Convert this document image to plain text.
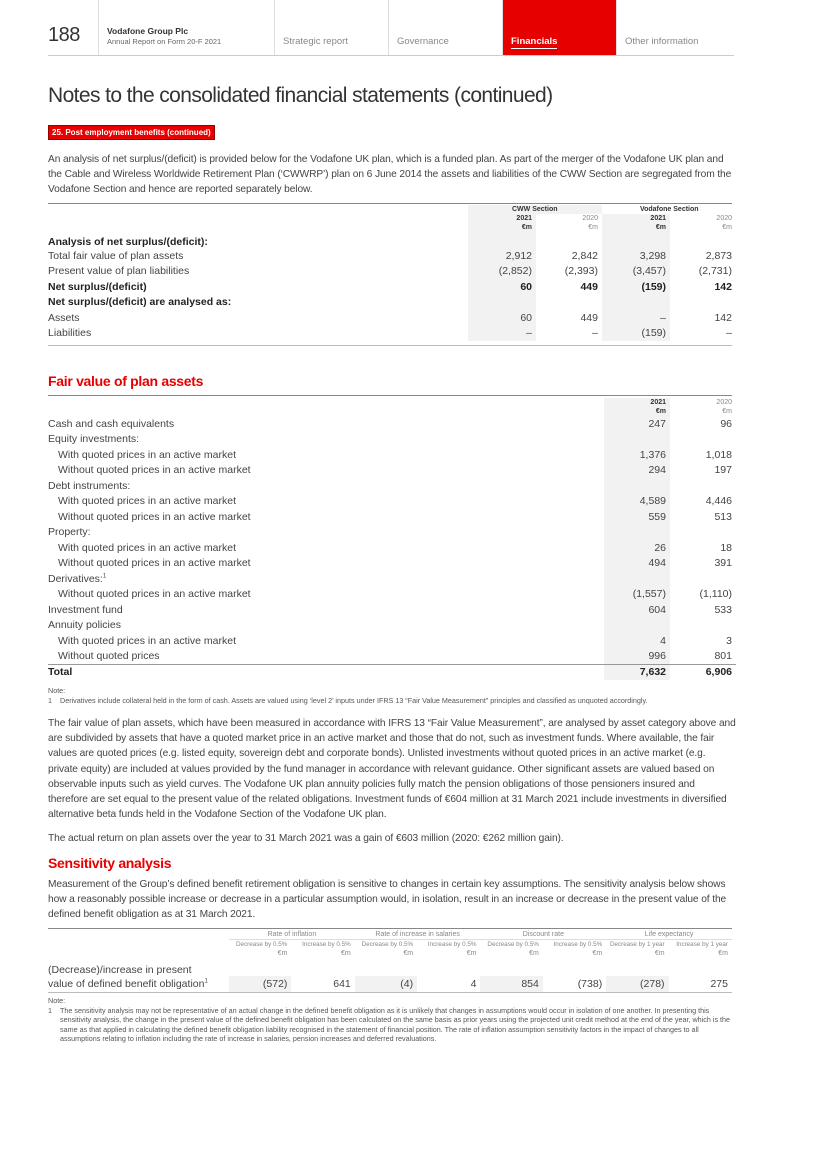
188	Vodafone Group Plc
Annual Report on Form 20-F 2021	Strategic report	Governance	Financials	Other information
Notes to the consolidated financial statements (continued)
25. Post employment benefits (continued)
An analysis of net surplus/(deficit) is provided below for the Vodafone UK plan, which is a funded plan. As part of the merger of the Vodafone UK plan and the Cable and Wireless Worldwide Retirement Plan (‘CWWRP’) plan on 6 June 2014 the assets and liabilities of the CWW Section are segregated from the Vodafone Section and hence are reported separately below.
	CWW Section		Vodafone Section	
	2021	2020	2021	2020
	€m	€m	€m	€m
Analysis of net surplus/(deficit):				
Total fair value of plan assets	2,912	2,842	3,298	2,873
Present value of plan liabilities	(2,852)	(2,393)	(3,457)	(2,731)
Net surplus/(deficit)	60	449	(159)	142
Net surplus/(deficit) are analysed as:				
Assets	60	449	–	142
Liabilities	–	–	(159)	–
Fair value of plan assets
	2021	2020
	€m	€m
Cash and cash equivalents	247	96
Equity investments:		
With quoted prices in an active market	1,376	1,018
Without quoted prices in an active market	294	197
Debt instruments:		
With quoted prices in an active market	4,589	4,446
Without quoted prices in an active market	559	513
Property:		
With quoted prices in an active market	26	18
Without quoted prices in an active market	494	391
Derivatives:$^1$		
Without quoted prices in an active market	(1,557)	(1,110)
Investment fund	604	533
Annuity policies		
With quoted prices in an active market	4	3
Without quoted prices	996	801
Total	7,632	6,906
Note:
1	Derivatives include collateral held in the form of cash. Assets are valued using ‘level 2’ inputs under IFRS 13 “Fair Value Measurement” principles and classified as unquoted accordingly.
The fair value of plan assets, which have been measured in accordance with IFRS 13 “Fair Value Measurement”, are analysed by asset category above and are subdivided by assets that have a quoted market price in an active market and those that do not, such as investment funds. Where available, the fair values are quoted prices (e.g. listed equity, sovereign debt and corporate bonds). Unlisted investments without quoted prices in an active market (e.g. private equity) are included at values provided by the fund manager in accordance with relevant guidance. Other significant assets are valued based on observable inputs such as yield curves. The Vodafone UK plan annuity policies fully match the pension obligations of those pensioners insured and therefore are set equal to the present value of the related obligations. Investment funds of €604 million at 31 March 2021 include investments in diversified alternative beta funds held in the Vodafone Section of the Vodafone UK plan.
The actual return on plan assets over the year to 31 March 2021 was a gain of €603 million (2020: €262 million gain).
Sensitivity analysis
Measurement of the Group’s defined benefit retirement obligation is sensitive to changes in certain key assumptions. The sensitivity analysis below shows how a reasonably possible increase or decrease in a particular assumption would, in isolation, result in an increase or decrease in the present value of the defined benefit obligation as at 31 March 2021.
	Rate of inflation		Rate of increase in salaries		Discount rate		Life expectancy	
	Decrease by 0.5%	Increase by 0.5%	Decrease by 0.5%	Increase by 0.5%	Decrease by 0.5%	Increase by 0.5%	Decrease by 1 year	Increase by 1 year
	€m	€m	€m	€m	€m	€m	€m	€m
(Decrease)/increase in present								
value of defined benefit obligation$^1$	(572)	641	(4)	4	854	(738)	(278)	275
Note:
1	The sensitivity analysis may not be representative of an actual change in the defined benefit obligation as it is unlikely that changes in assumptions would occur in isolation of one another. In presenting this sensitivity analysis, the change in the present value of the defined benefit obligation has been calculated on the same basis as prior years using the projected unit credit method at the end of the year, which is the same as that applied in calculating the defined benefit obligation liability recognised in the statement of financial position. The rate of inflation assumption sensitivity factors in the impact of changes to all assumptions relating to inflation including the rate of increase in salaries, pension increases and deferred revaluations.
